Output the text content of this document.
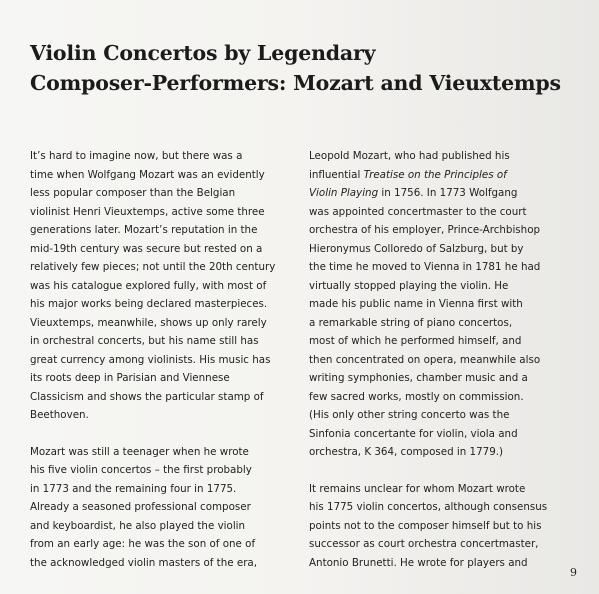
Violin Concertos by Legendary
Composer-Performers: Mozart and Vieuxtemps
It’s hard to imagine now, but there was a
time when Wolfgang Mozart was an evidently
less popular composer than the Belgian
violinist Henri Vieuxtemps, active some three
generations later. Mozart’s reputation in the
mid-19th century was secure but rested on a
relatively few pieces; not until the 20th century
was his catalogue explored fully, with most of
his major works being declared masterpieces.
Vieuxtemps, meanwhile, shows up only rarely
in orchestral concerts, but his name still has
great currency among violinists. His music has
its roots deep in Parisian and Viennese
Classicism and shows the particular stamp of
Beethoven.
Mozart was still a teenager when he wrote
his five violin concertos – the first probably
in 1773 and the remaining four in 1775.
Already a seasoned professional composer
and keyboardist, he also played the violin
from an early age: he was the son of one of
the acknowledged violin masters of the era,
Leopold Mozart, who had published his
influential Treatise on the Principles of
Violin Playing in 1756. In 1773 Wolfgang
was appointed concertmaster to the court
orchestra of his employer, Prince-Archbishop
Hieronymus Colloredo of Salzburg, but by
the time he moved to Vienna in 1781 he had
virtually stopped playing the violin. He
made his public name in Vienna first with
a remarkable string of piano concertos,
most of which he performed himself, and
then concentrated on opera, meanwhile also
writing symphonies, chamber music and a
few sacred works, mostly on commission.
(His only other string concerto was the
Sinfonia concertante for violin, viola and
orchestra, K 364, composed in 1779.)
It remains unclear for whom Mozart wrote
his 1775 violin concertos, although consensus
points not to the composer himself but to his
successor as court orchestra concertmaster,
Antonio Brunetti. He wrote for players and
9
